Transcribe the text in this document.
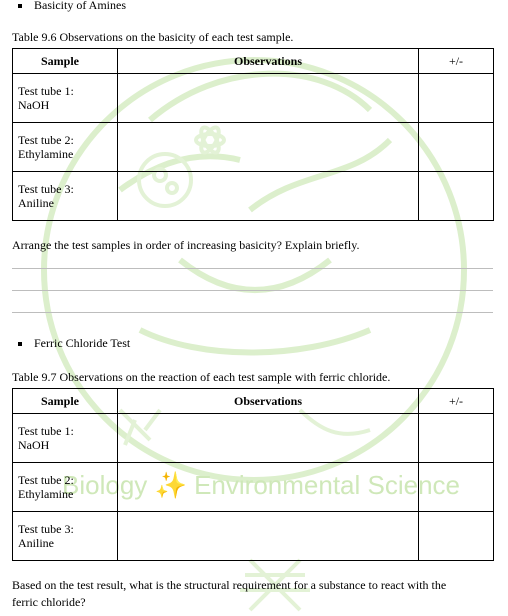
Biology ✨ Environmental Science
Basicity of Amines
Table 9.6 Observations on the basicity of each test sample.
Sample	Observations	+/-

Test tube 1:
NaOH		

Test tube 2:
Ethylamine		

Test tube 3:
Aniline		

Arrange the test samples in order of increasing basicity? Explain briefly.
Ferric Chloride Test
Table 9.7 Observations on the reaction of each test sample with ferric chloride.
Sample	Observations	+/-

Test tube 1:
NaOH		

Test tube 2:
Ethylamine		

Test tube 3:
Aniline		

Based on the test result, what is the structural requirement for a substance to react with the
ferric chloride?
